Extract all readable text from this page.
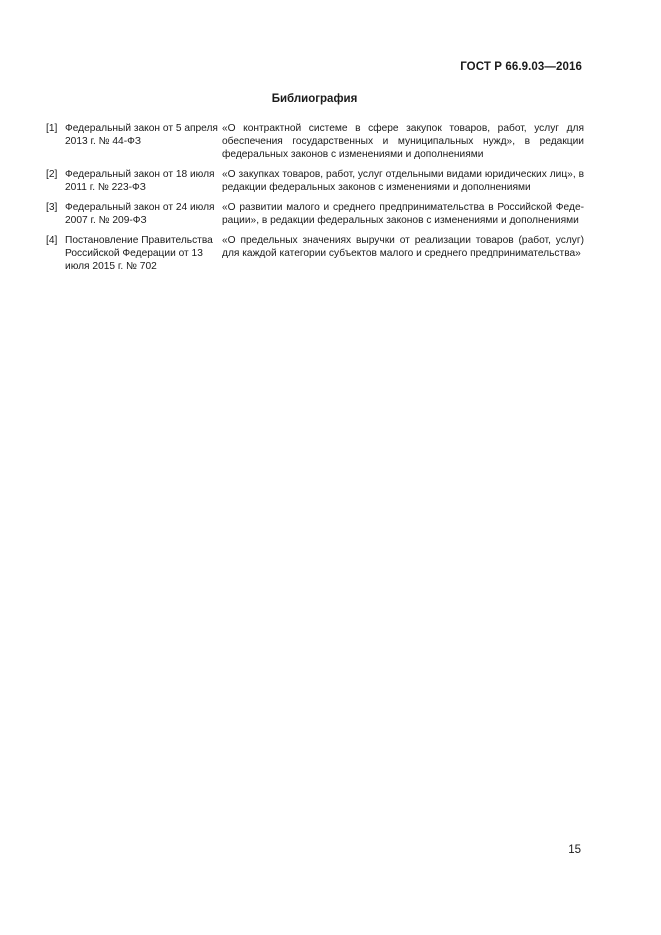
ГОСТ Р 66.9.03—2016
Библиография
[1] Федеральный закон от 5 апреля 2013 г. № 44-ФЗ
«О контрактной системе в сфере закупок товаров, работ, услуг для обеспечения государственных и муниципальных нужд», в редакции федеральных законов с изменениями и дополнениями
[2] Федеральный закон от 18 июля 2011 г. № 223-ФЗ
«О закупках товаров, работ, услуг отдельными видами юридических лиц», в редакции федеральных законов с изменениями и дополнениями
[3] Федеральный закон от 24 июля 2007 г. № 209-ФЗ
«О развитии малого и среднего предпринимательства в Российской Феде-рации», в редакции федеральных законов с изменениями и дополнениями
[4] Постановление Правительства Российской Федерации от 13 июля 2015 г. № 702
«О предельных значениях выручки от реализации товаров (работ, услуг) для каждой категории субъектов малого и среднего предпринимательства»
15
